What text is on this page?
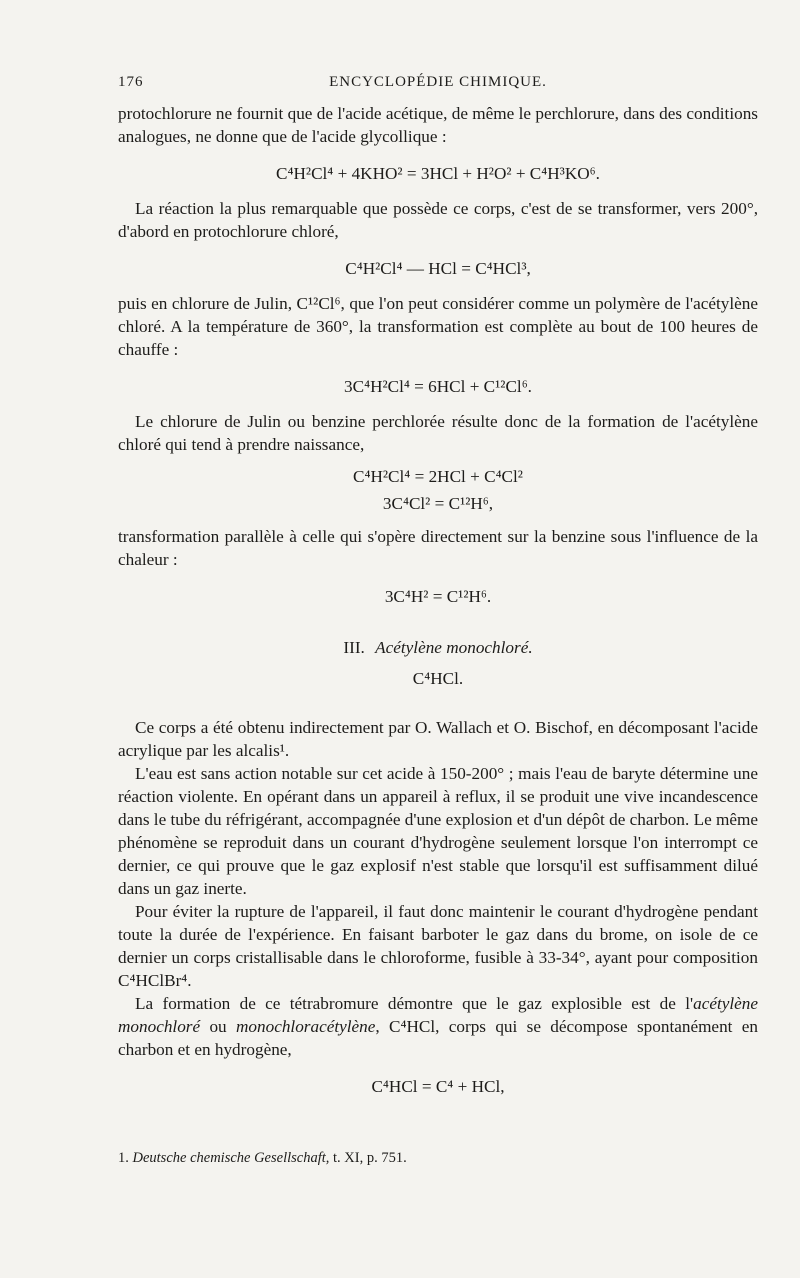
176	ENCYCLOPÉDIE CHIMIQUE.

protochlorure ne fournit que de l'acide acétique, de même le perchlorure, dans des conditions analogues, ne donne que de l'acide glycollique :

C⁴H²Cl⁴ + 4KHO² = 3HCl + H²O² + C⁴H³KO⁶.

La réaction la plus remarquable que possède ce corps, c'est de se transformer, vers 200°, d'abord en protochlorure chloré,

C⁴H²Cl⁴ — HCl = C⁴HCl³,

puis en chlorure de Julin, C¹²Cl⁶, que l'on peut considérer comme un polymère de l'acétylène chloré. A la température de 360°, la transformation est complète au bout de 100 heures de chauffe :

3C⁴H²Cl⁴ = 6HCl + C¹²Cl⁶.

Le chlorure de Julin ou benzine perchlorée résulte donc de la formation de l'acétylène chloré qui tend à prendre naissance,

C⁴H²Cl⁴ = 2HCl + C⁴Cl²
3C⁴Cl² = C¹²H⁶,

transformation parallèle à celle qui s'opère directement sur la benzine sous l'influence de la chaleur :

3C⁴H² = C¹²H⁶.
III. Acétylène monochloré.
C⁴HCl.

Ce corps a été obtenu indirectement par O. Wallach et O. Bischof, en décomposant l'acide acrylique par les alcalis¹.

L'eau est sans action notable sur cet acide à 150-200° ; mais l'eau de baryte détermine une réaction violente. En opérant dans un appareil à reflux, il se produit une vive incandescence dans le tube du réfrigérant, accompagnée d'une explosion et d'un dépôt de charbon. Le même phénomène se reproduit dans un courant d'hydrogène seulement lorsque l'on interrompt ce dernier, ce qui prouve que le gaz explosif n'est stable que lorsqu'il est suffisamment dilué dans un gaz inerte.

Pour éviter la rupture de l'appareil, il faut donc maintenir le courant d'hydrogène pendant toute la durée de l'expérience. En faisant barboter le gaz dans du brome, on isole de ce dernier un corps cristallisable dans le chloroforme, fusible à 33-34°, ayant pour composition C⁴HClBr⁴.

La formation de ce tétrabromure démontre que le gaz explosible est de l'acétylène monochloré ou monochloracétylène, C⁴HCl, corps qui se décompose spontanément en charbon et en hydrogène,

C⁴HCl = C⁴ + HCl,
1. Deutsche chemische Gesellschaft, t. XI, p. 751.
